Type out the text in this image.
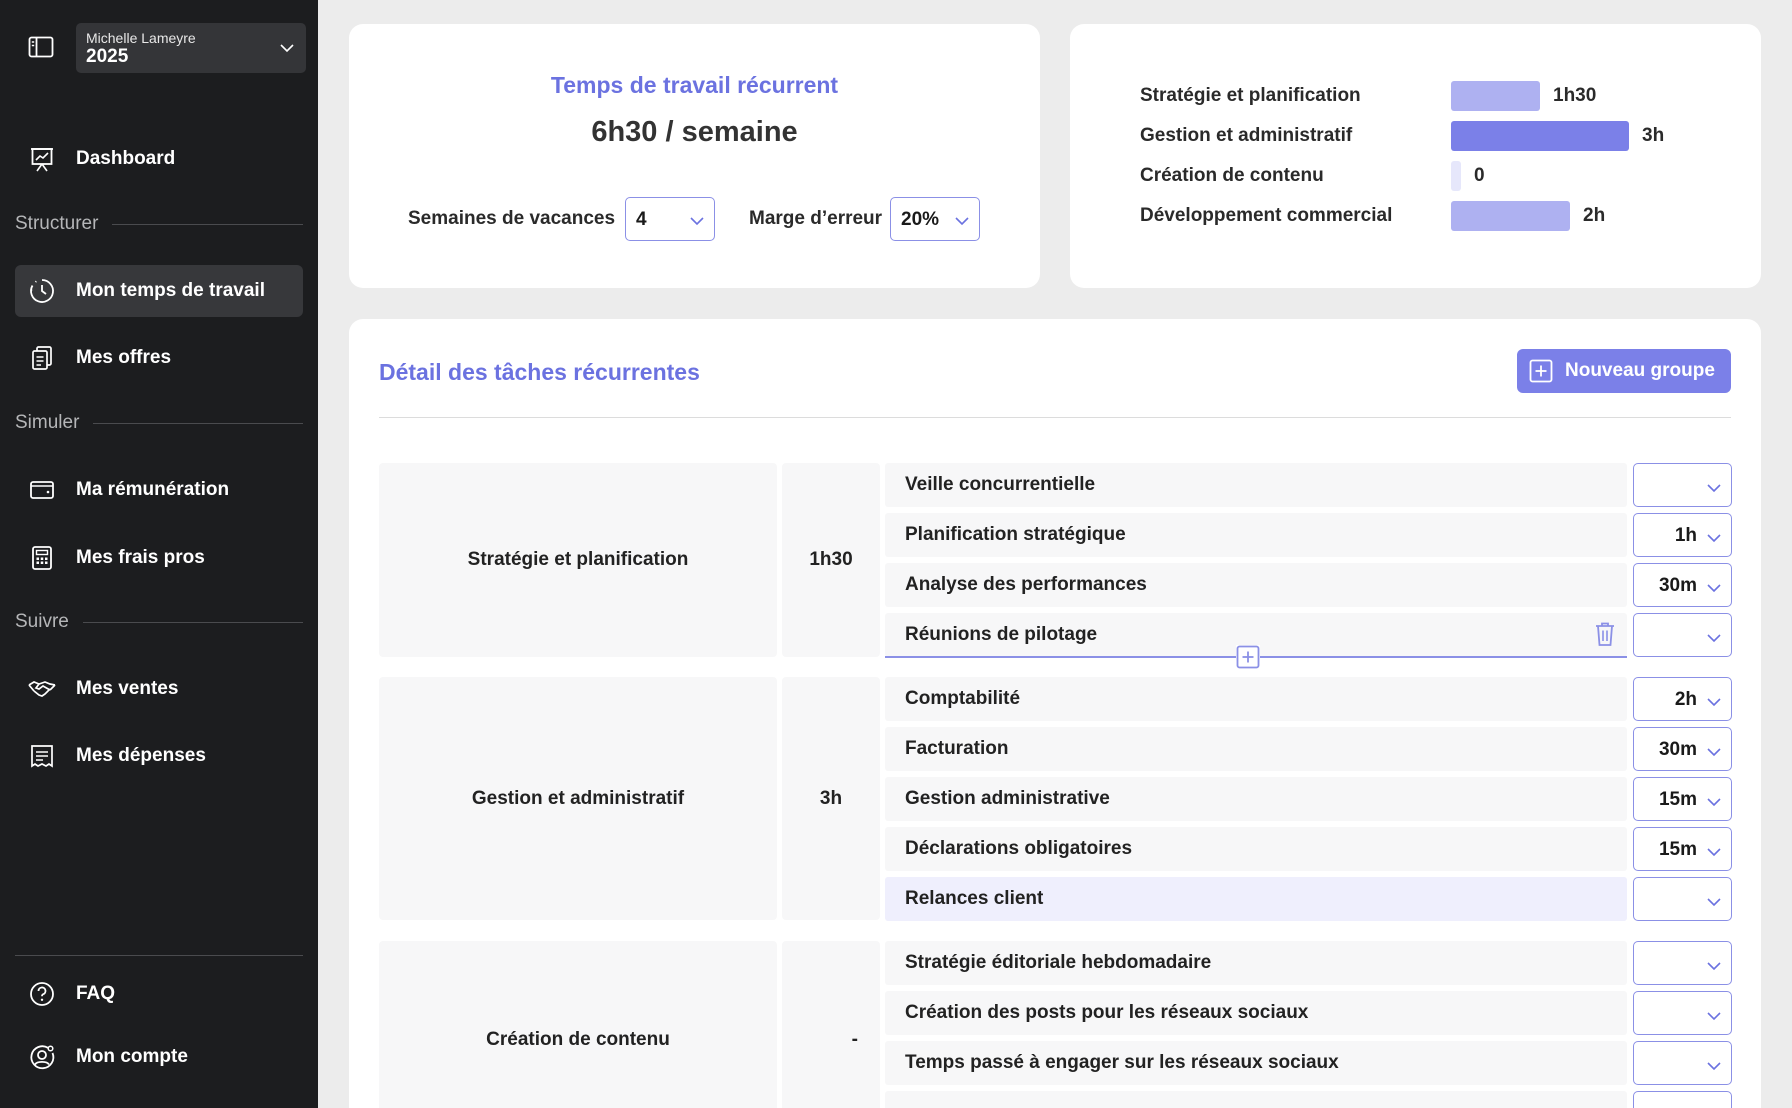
Michelle Lameyre
2025
Dashboard
Structurer
Mon temps de travail
Mes offres
Simuler
Ma rémunération
Mes frais pros
Suivre
Mes ventes
Mes dépenses
FAQ
Mon compte
Temps de travail récurrent
6h30 / semaine
Semaines de vacances 4	Marge d’erreur 20%
Stratégie et planification	1h30
Gestion et administratif	3h
Création de contenu	0
Développement commercial	2h
Détail des tâches récurrentes	Nouveau groupe
Stratégie et planification	1h30
Veille concurrentielle
Planification stratégique	1h
Analyse des performances	30m
Réunions de pilotage
Gestion et administratif	3h
Comptabilité	2h
Facturation	30m
Gestion administrative	15m
Déclarations obligatoires	15m
Relances client
Création de contenu	-
Stratégie éditoriale hebdomadaire
Création des posts pour les réseaux sociaux
Temps passé à engager sur les réseaux sociaux
